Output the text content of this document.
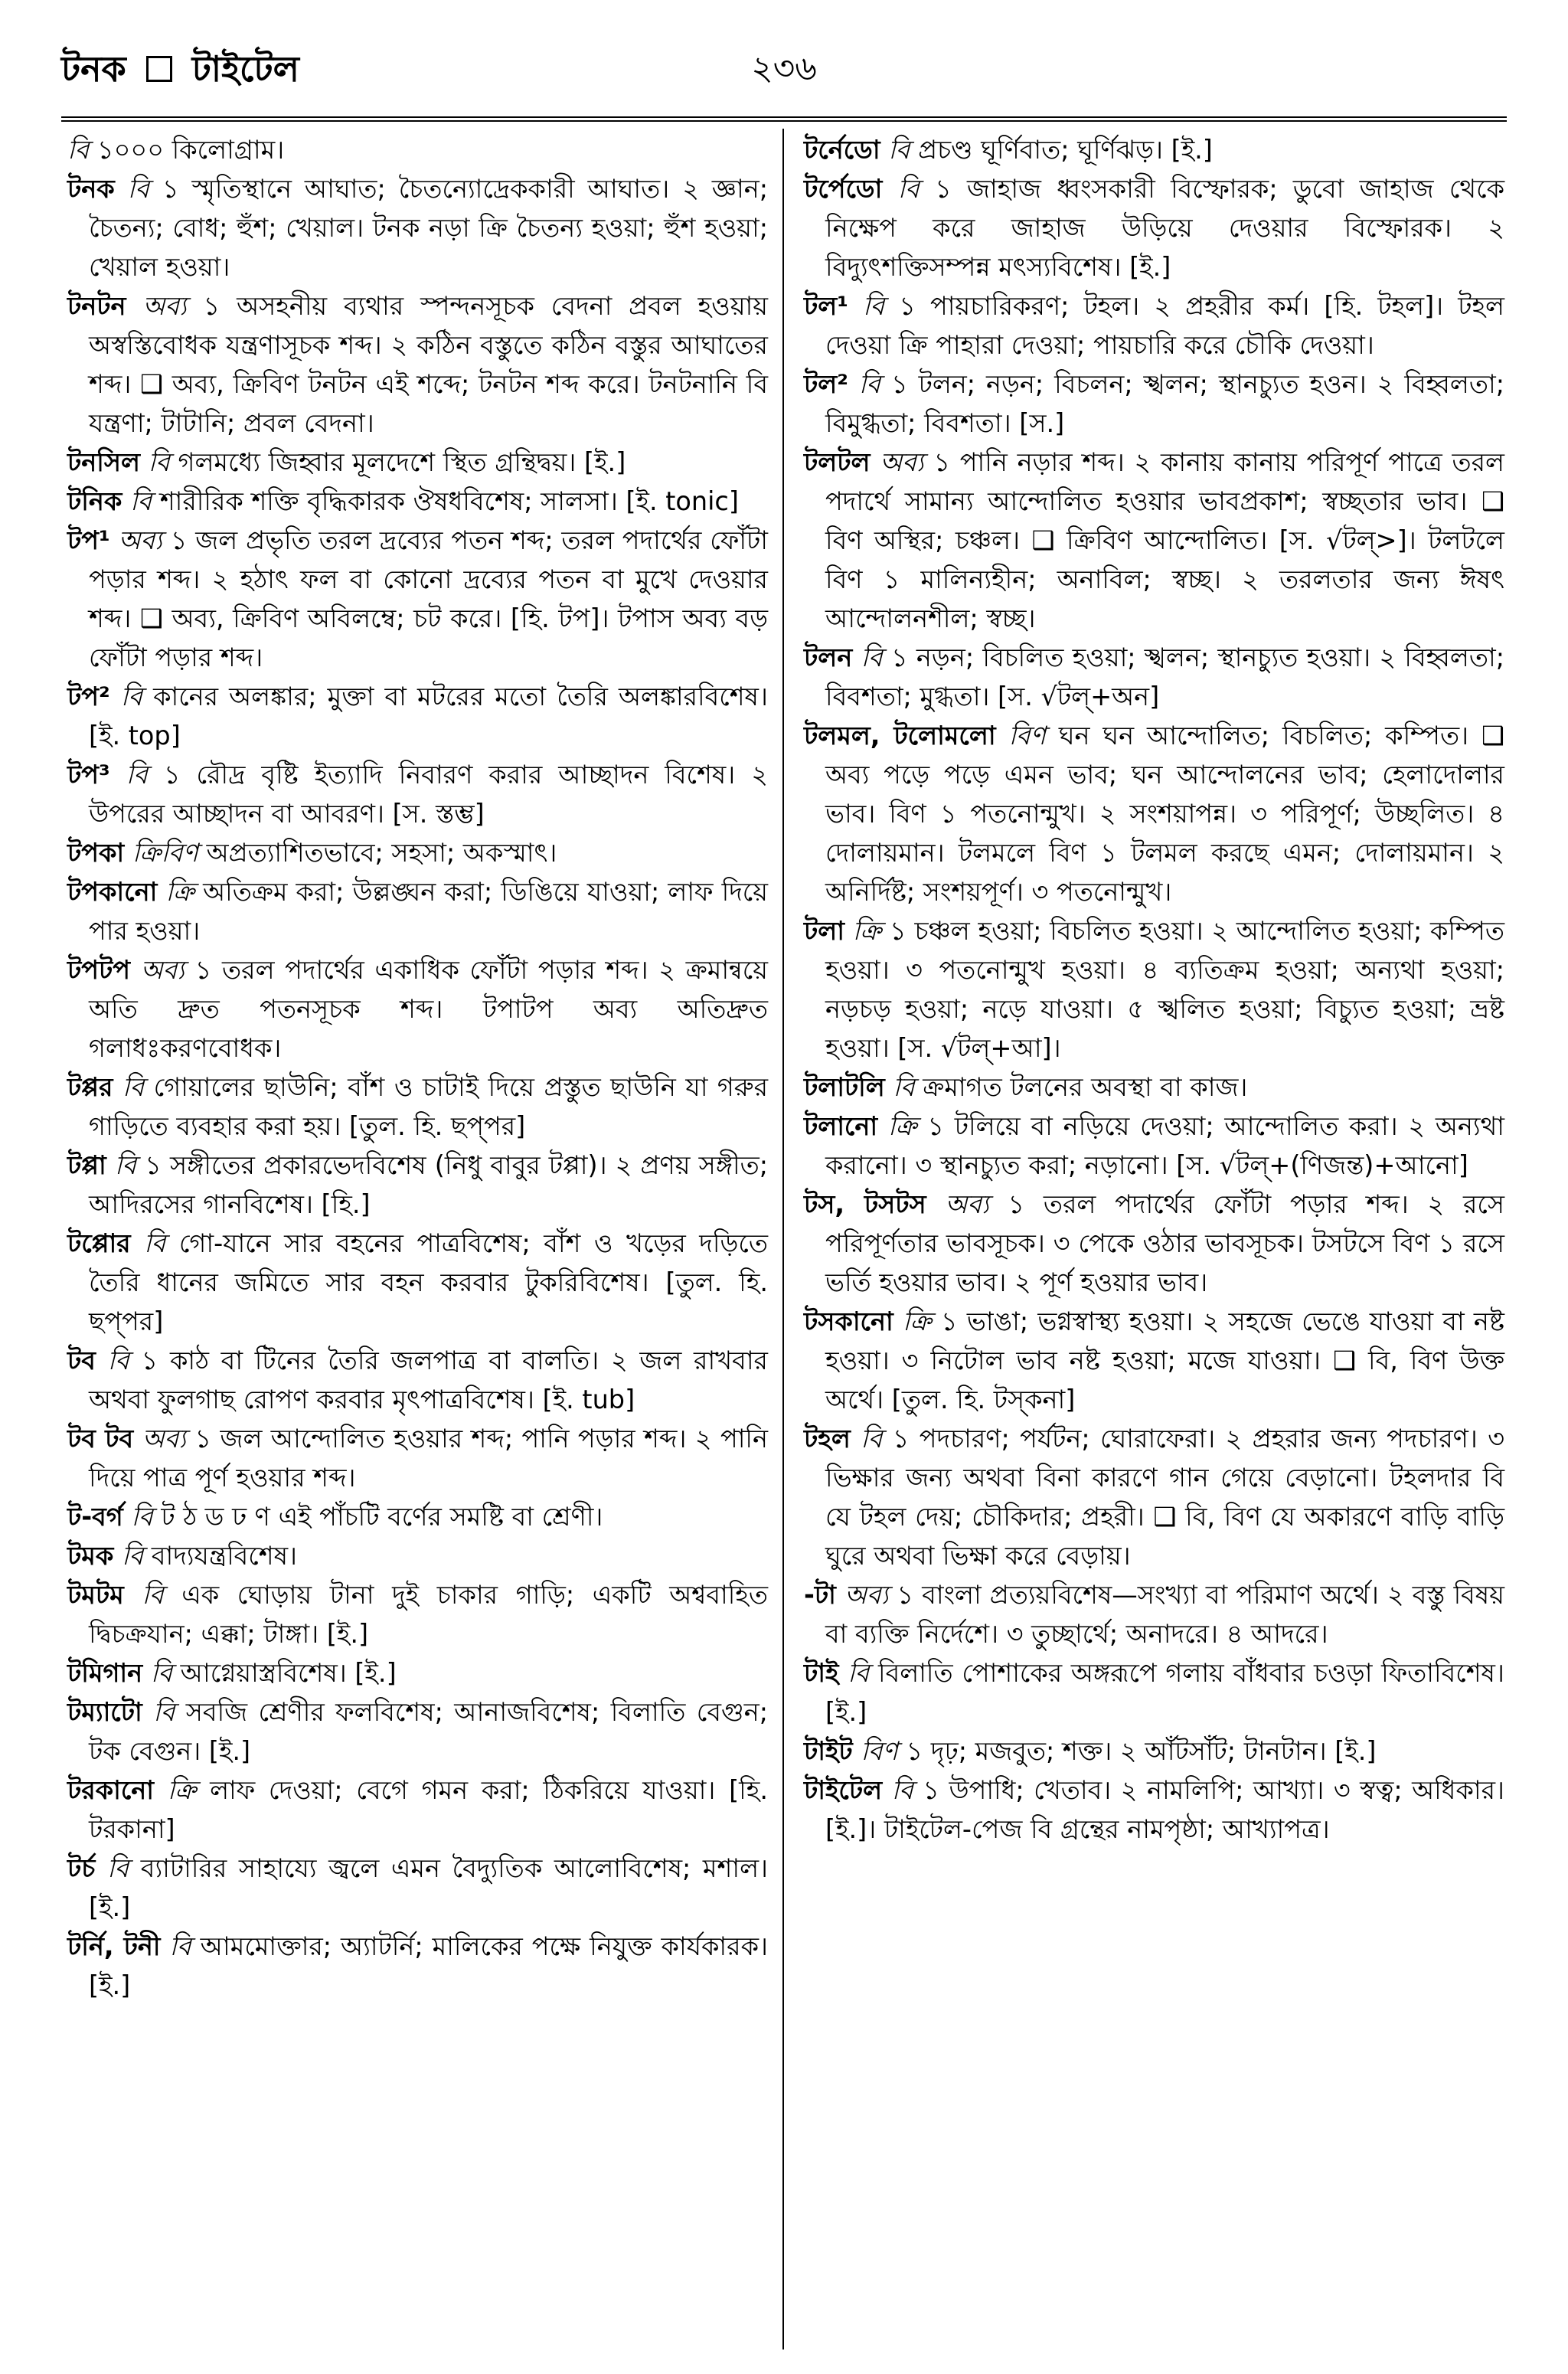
টনক টাইটেল	২৩৬

বি ১০০০ কিলোগ্রাম।

টনক বি ১ স্মৃতিস্থানে আঘাত; চৈতন্যোদ্রেককারী আঘাত। ২ জ্ঞান; চৈতন্য; বোধ; হুঁশ; খেয়াল। টনক নড়া ক্রি চৈতন্য হওয়া; হুঁশ হওয়া; খেয়াল হওয়া।

টনটন অব্য ১ অসহনীয় ব্যথার স্পন্দনসূচক বেদনা প্রবল হওয়ায় অস্বস্তিবোধক যন্ত্রণাসূচক শব্দ। ২ কঠিন বস্তুতে কঠিন বস্তুর আঘাতের শব্দ। ❑ অব্য, ক্রিবিণ টনটন এই শব্দে; টনটন শব্দ করে। টনটনানি বি যন্ত্রণা; টাটানি; প্রবল বেদনা।

টনসিল বি গলমধ্যে জিহ্বার মূলদেশে স্থিত গ্রন্থিদ্বয়। [ই.]

টনিক বি শারীরিক শক্তি বৃদ্ধিকারক ঔষধবিশেষ; সালসা। [ই. tonic]

টপ¹ অব্য ১ জল প্রভৃতি তরল দ্রব্যের পতন শব্দ; তরল পদার্থের ফোঁটা পড়ার শব্দ। ২ হঠাৎ ফল বা কোনো দ্রব্যের পতন বা মুখে দেওয়ার শব্দ। ❑ অব্য, ক্রিবিণ অবিলম্বে; চট করে। [হি. টপ]। টপাস অব্য বড় ফোঁটা পড়ার শব্দ।

টপ² বি কানের অলঙ্কার; মুক্তা বা মটরের মতো তৈরি অলঙ্কারবিশেষ। [ই. top]

টপ³ বি ১ রৌদ্র বৃষ্টি ইত্যাদি নিবারণ করার আচ্ছাদন বিশেষ। ২ উপরের আচ্ছাদন বা আবরণ। [স. স্তম্ভ]

টপকা ক্রিবিণ অপ্রত্যাশিতভাবে; সহসা; অকস্মাৎ।

টপকানো ক্রি অতিক্রম করা; উল্লঙ্ঘন করা; ডিঙিয়ে যাওয়া; লাফ দিয়ে পার হওয়া।

টপটপ অব্য ১ তরল পদার্থের একাধিক ফোঁটা পড়ার শব্দ। ২ ক্রমান্বয়ে অতি দ্রুত পতনসূচক শব্দ। টপাটপ অব্য অতিদ্রুত গলাধঃকরণবোধক।

টপ্পর বি গোয়ালের ছাউনি; বাঁশ ও চাটাই দিয়ে প্রস্তুত ছাউনি যা গরুর গাড়িতে ব্যবহার করা হয়। [তুল. হি. ছপ্‌পর]

টপ্পা বি ১ সঙ্গীতের প্রকারভেদবিশেষ (নিধু বাবুর টপ্পা)। ২ প্রণয় সঙ্গীত; আদিরসের গানবিশেষ। [হি.]

টপ্পোর বি গো-যানে সার বহনের পাত্রবিশেষ; বাঁশ ও খড়ের দড়িতে তৈরি ধানের জমিতে সার বহন করবার টুকরিবিশেষ। [তুল. হি. ছপ্‌পর]

টব বি ১ কাঠ বা টিনের তৈরি জলপাত্র বা বালতি। ২ জল রাখবার অথবা ফুলগাছ রোপণ করবার মৃৎপাত্রবিশেষ। [ই. tub]

টব টব অব্য ১ জল আন্দোলিত হওয়ার শব্দ; পানি পড়ার শব্দ। ২ পানি দিয়ে পাত্র পূর্ণ হওয়ার শব্দ।

ট-বর্গ বি ট ঠ ড ঢ ণ এই পাঁচটি বর্ণের সমষ্টি বা শ্রেণী।

টমক বি বাদ্যযন্ত্রবিশেষ।

টমটম বি এক ঘোড়ায় টানা দুই চাকার গাড়ি; একটি অশ্ববাহিত দ্বিচক্রযান; এক্কা; টাঙ্গা। [ই.]

টমিগান বি আগ্নেয়াস্ত্রবিশেষ। [ই.]

টম্যাটো বি সবজি শ্রেণীর ফলবিশেষ; আনাজবিশেষ; বিলাতি বেগুন; টক বেগুন। [ই.]

টরকানো ক্রি লাফ দেওয়া; বেগে গমন করা; ঠিকরিয়ে যাওয়া। [হি. টরকানা]

টর্চ বি ব্যাটারির সাহায্যে জ্বলে এমন বৈদ্যুতিক আলোবিশেষ; মশাল। [ই.]

টর্নি, টনী বি আমমোক্তার; অ্যাটর্নি; মালিকের পক্ষে নিযুক্ত কার্যকারক। [ই.]

টর্নেডো বি প্রচণ্ড ঘূর্ণিবাত; ঘূর্ণিঝড়। [ই.]

টর্পেডো বি ১ জাহাজ ধ্বংসকারী বিস্ফোরক; ডুবো জাহাজ থেকে নিক্ষেপ করে জাহাজ উড়িয়ে দেওয়ার বিস্ফোরক। ২ বিদ্যুৎশক্তিসম্পন্ন মৎস্যবিশেষ। [ই.]

টল¹ বি ১ পায়চারিকরণ; টহল। ২ প্রহরীর কর্ম। [হি. টহল]। টহল দেওয়া ক্রি পাহারা দেওয়া; পায়চারি করে চৌকি দেওয়া।

টল² বি ১ টলন; নড়ন; বিচলন; স্খলন; স্থানচ্যুত হওন। ২ বিহ্বলতা; বিমুগ্ধতা; বিবশতা। [স.]

টলটল অব্য ১ পানি নড়ার শব্দ। ২ কানায় কানায় পরিপূর্ণ পাত্রে তরল পদার্থে সামান্য আন্দোলিত হওয়ার ভাবপ্রকাশ; স্বচ্ছতার ভাব। ❑ বিণ অস্থির; চঞ্চল। ❑ ক্রিবিণ আন্দোলিত। [স. √টল্>]। টলটলে বিণ ১ মালিন্যহীন; অনাবিল; স্বচ্ছ। ২ তরলতার জন্য ঈষৎ আন্দোলনশীল; স্বচ্ছ।

টলন বি ১ নড়ন; বিচলিত হওয়া; স্খলন; স্থানচ্যুত হওয়া। ২ বিহ্বলতা; বিবশতা; মুগ্ধতা। [স. √টল্+অন]

টলমল, টলোমলো বিণ ঘন ঘন আন্দোলিত; বিচলিত; কম্পিত। ❑ অব্য পড়ে পড়ে এমন ভাব; ঘন আন্দোলনের ভাব; হেলাদোলার ভাব। বিণ ১ পতনোন্মুখ। ২ সংশয়াপন্ন। ৩ পরিপূর্ণ; উচ্ছলিত। ৪ দোলায়মান। টলমলে বিণ ১ টলমল করছে এমন; দোলায়মান। ২ অনির্দিষ্ট; সংশয়পূর্ণ। ৩ পতনোন্মুখ।

টলা ক্রি ১ চঞ্চল হওয়া; বিচলিত হওয়া। ২ আন্দোলিত হওয়া; কম্পিত হওয়া। ৩ পতনোন্মুখ হওয়া। ৪ ব্যতিক্রম হওয়া; অন্যথা হওয়া; নড়চড় হওয়া; নড়ে যাওয়া। ৫ স্খলিত হওয়া; বিচ্যুত হওয়া; ভ্রষ্ট হওয়া। [স. √টল্+আ]।

টলাটলি বি ক্রমাগত টলনের অবস্থা বা কাজ।

টলানো ক্রি ১ টলিয়ে বা নড়িয়ে দেওয়া; আন্দোলিত করা। ২ অন্যথা করানো। ৩ স্থানচ্যুত করা; নড়ানো। [স. √টল্+(ণিজন্ত)+আনো]

টস, টসটস অব্য ১ তরল পদার্থের ফোঁটা পড়ার শব্দ। ২ রসে পরিপূর্ণতার ভাবসূচক। ৩ পেকে ওঠার ভাবসূচক। টসটসে বিণ ১ রসে ভর্তি হওয়ার ভাব। ২ পূর্ণ হওয়ার ভাব।

টসকানো ক্রি ১ ভাঙা; ভগ্নস্বাস্থ্য হওয়া। ২ সহজে ভেঙে যাওয়া বা নষ্ট হওয়া। ৩ নিটোল ভাব নষ্ট হওয়া; মজে যাওয়া। ❑ বি, বিণ উক্ত অর্থে। [তুল. হি. টস্‌কনা]

টহল বি ১ পদচারণ; পর্যটন; ঘোরাফেরা। ২ প্রহরার জন্য পদচারণ। ৩ ভিক্ষার জন্য অথবা বিনা কারণে গান গেয়ে বেড়ানো। টহলদার বি যে টহল দেয়; চৌকিদার; প্রহরী। ❑ বি, বিণ যে অকারণে বাড়ি বাড়ি ঘুরে অথবা ভিক্ষা করে বেড়ায়।

-টা অব্য ১ বাংলা প্রত্যয়বিশেষ—সংখ্যা বা পরিমাণ অর্থে। ২ বস্তু বিষয় বা ব্যক্তি নির্দেশে। ৩ তুচ্ছার্থে; অনাদরে। ৪ আদরে।

টাই বি বিলাতি পোশাকের অঙ্গরূপে গলায় বাঁধবার চওড়া ফিতাবিশেষ। [ই.]

টাইট বিণ ১ দৃঢ়; মজবুত; শক্ত। ২ আঁটসাঁট; টানটান। [ই.]

টাইটেল বি ১ উপাধি; খেতাব। ২ নামলিপি; আখ্যা। ৩ স্বত্ব; অধিকার। [ই.]। টাইটেল-পেজ বি গ্রন্থের নামপৃষ্ঠা; আখ্যাপত্র।
